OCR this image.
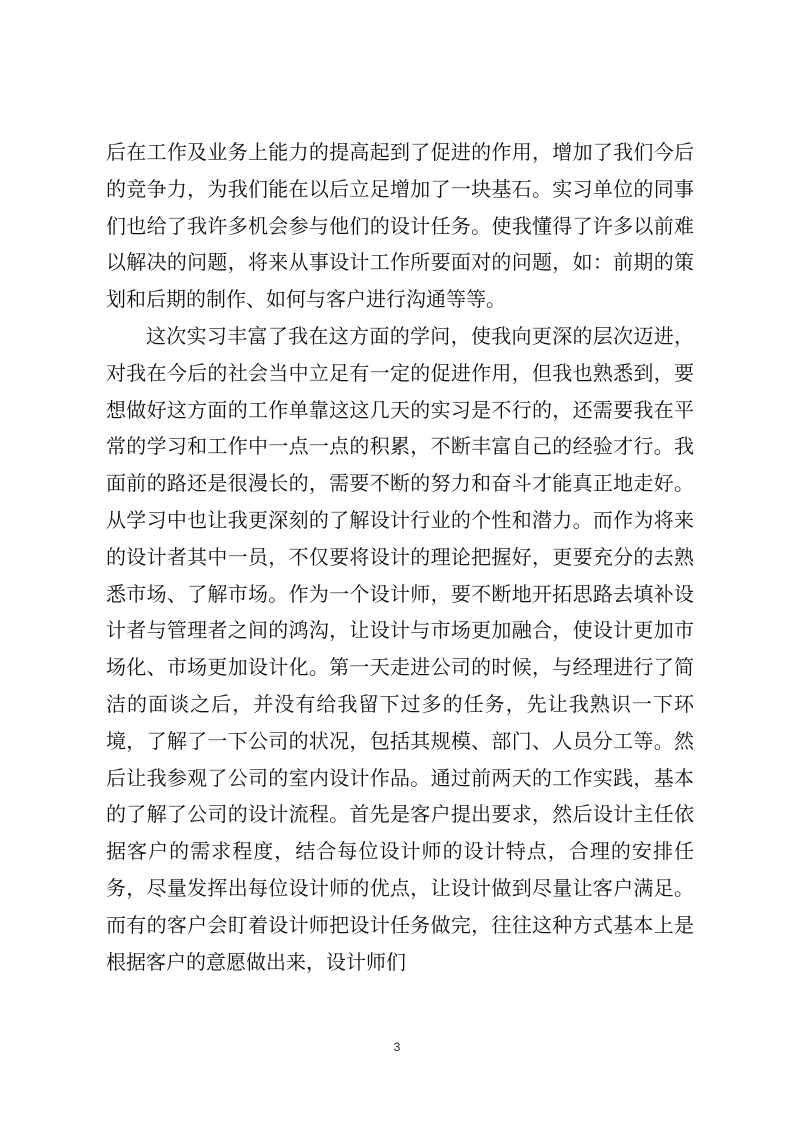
后在工作及业务上能力的提高起到了促进的作用，增加了我们今后的竞争力，为我们能在以后立足增加了一块基石。实习单位的同事们也给了我许多机会参与他们的设计任务。使我懂得了许多以前难以解决的问题，将来从事设计工作所要面对的问题，如：前期的策划和后期的制作、如何与客户进行沟通等等。

这次实习丰富了我在这方面的学问，使我向更深的层次迈进，对我在今后的社会当中立足有一定的促进作用，但我也熟悉到，要想做好这方面的工作单靠这这几天的实习是不行的，还需要我在平常的学习和工作中一点一点的积累，不断丰富自己的经验才行。我面前的路还是很漫长的，需要不断的努力和奋斗才能真正地走好。从学习中也让我更深刻的了解设计行业的个性和潜力。而作为将来的设计者其中一员，不仅要将设计的理论把握好，更要充分的去熟悉市场、了解市场。作为一个设计师，要不断地开拓思路去填补设计者与管理者之间的鸿沟，让设计与市场更加融合，使设计更加市场化、市场更加设计化。第一天走进公司的时候，与经理进行了简洁的面谈之后，并没有给我留下过多的任务，先让我熟识一下环境，了解了一下公司的状况，包括其规模、部门、人员分工等。然后让我参观了公司的室内设计作品。通过前两天的工作实践，基本的了解了公司的设计流程。首先是客户提出要求，然后设计主任依据客户的需求程度，结合每位设计师的设计特点，合理的安排任务，尽量发挥出每位设计师的优点，让设计做到尽量让客户满足。而有的客户会盯着设计师把设计任务做完，往往这种方式基本上是根据客户的意愿做出来，设计师们

3
